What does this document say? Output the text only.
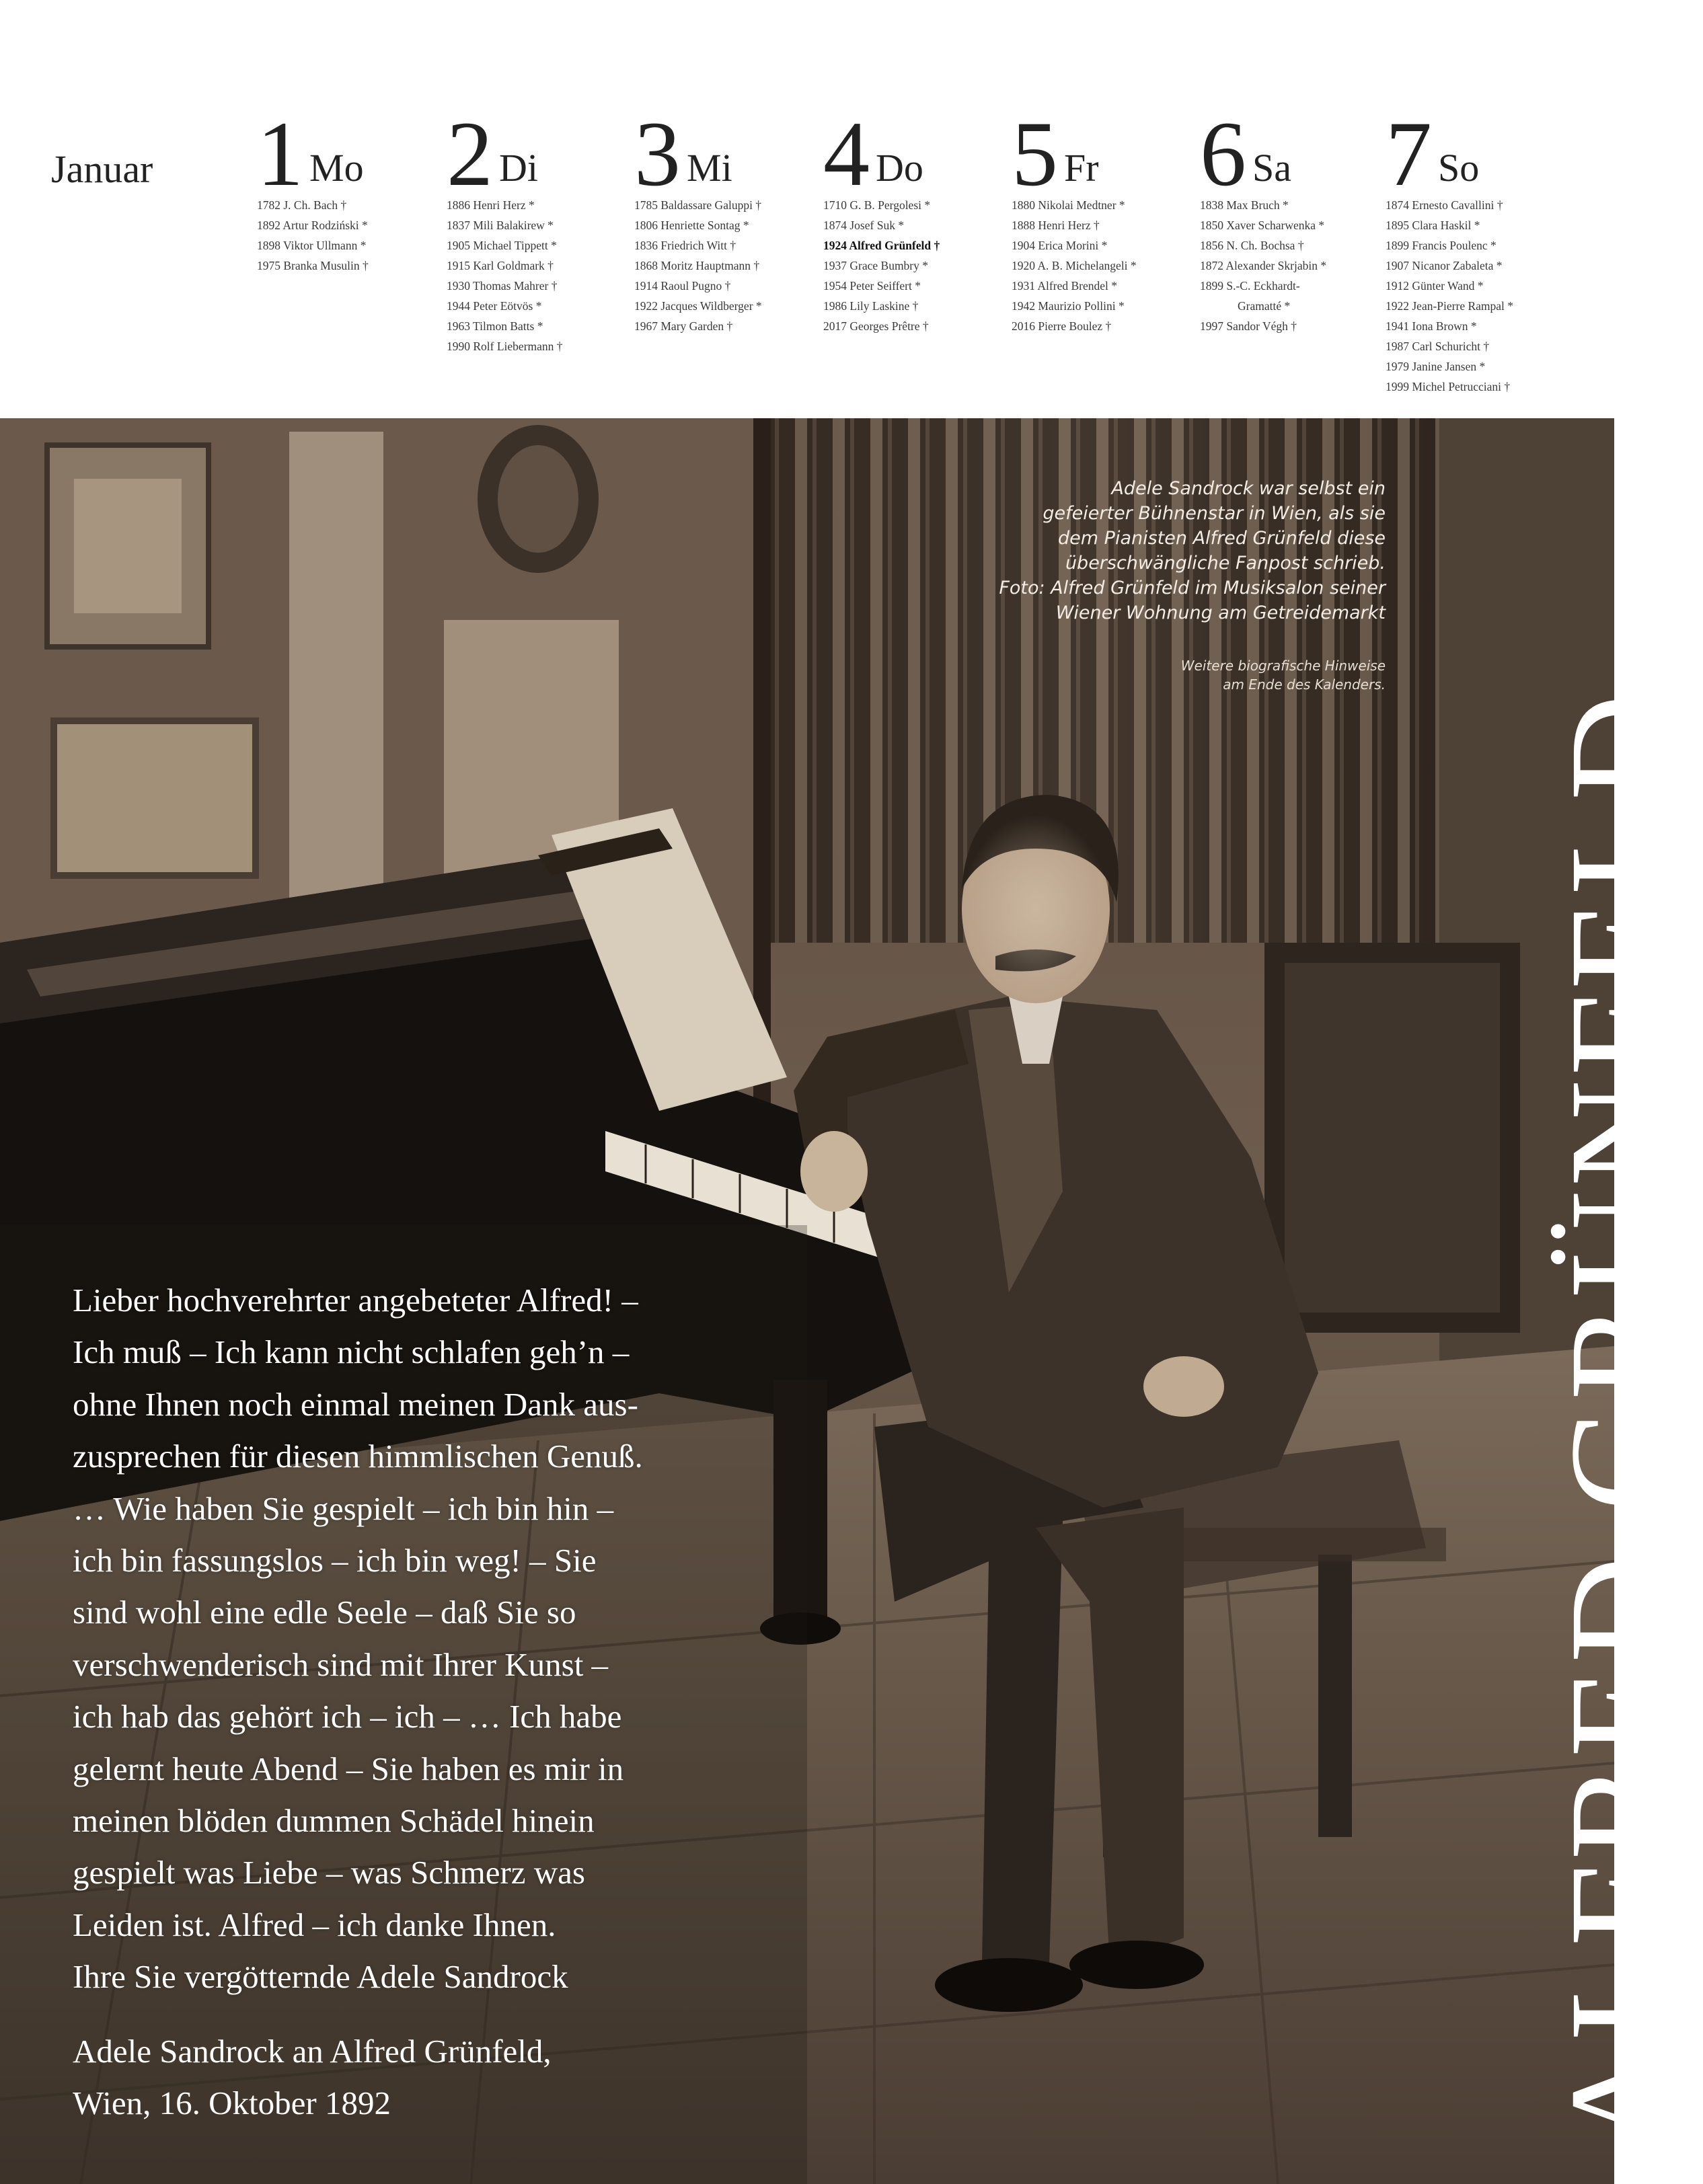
Januar 1 Mo
1782 J. Ch. Bach †
1892 Artur Rodziński *
1898 Viktor Ullmann *
1975 Branka Musulin †
2 Di
1886 Henri Herz *
1837 Mili Balakirew *
1905 Michael Tippett *
1915 Karl Goldmark †
1930 Thomas Mahrer †
1944 Peter Eötvös *
1963 Tilmon Batts *
1990 Rolf Liebermann †
3 Mi
1785 Baldassare Galuppi †
1806 Henriette Sontag *
1836 Friedrich Witt †
1868 Moritz Hauptmann †
1914 Raoul Pugno †
1922 Jacques Wildberger *
1967 Mary Garden †
4 Do
1710 G. B. Pergolesi *
1874 Josef Suk *
1924 Alfred Grünfeld †
1937 Grace Bumbry *
1954 Peter Seiffert *
1986 Lily Laskine †
2017 Georges Prêtre †
5 Fr
1880 Nikolai Medtner *
1888 Henri Herz †
1904 Erica Morini *
1920 A. B. Michelangeli *
1931 Alfred Brendel *
1942 Maurizio Pollini *
2016 Pierre Boulez †
6 Sa
1838 Max Bruch *
1850 Xaver Scharwenka *
1856 N. Ch. Bochsa †
1872 Alexander Skrjabin *
1899 S.-C. Eckhardt-
Gramatté *
1997 Sandor Végh †
7 So
1874 Ernesto Cavallini †
1895 Clara Haskil *
1899 Francis Poulenc *
1907 Nicanor Zabaleta *
1912 Günter Wand *
1922 Jean-Pierre Rampal *
1941 Iona Brown *
1987 Carl Schuricht †
1979 Janine Jansen *
1999 Michel Petrucciani †
Adele Sandrock war selbst ein
gefeierter Bühnenstar in Wien, als sie
dem Pianisten Alfred Grünfeld diese
überschwängliche Fanpost schrieb.
Foto: Alfred Grünfeld im Musiksalon seiner
Wiener Wohnung am Getreidemarkt
Weitere biografische Hinweise
am Ende des Kalenders.
ALFRED GRÜNFELD
Lieber hochverehrter angebeteter Alfred! –
Ich muß – Ich kann nicht schlafen geh’n –
ohne Ihnen noch einmal meinen Dank aus-
zusprechen für diesen himmlischen Genuß.
… Wie haben Sie gespielt – ich bin hin –
ich bin fassungslos – ich bin weg! – Sie
sind wohl eine edle Seele – daß Sie so
verschwenderisch sind mit Ihrer Kunst –
ich hab das gehört ich – ich – … Ich habe
gelernt heute Abend – Sie haben es mir in
meinen blöden dummen Schädel hinein
gespielt was Liebe – was Schmerz was
Leiden ist. Alfred – ich danke Ihnen.
Ihre Sie vergötternde Adele Sandrock
Adele Sandrock an Alfred Grünfeld,
Wien, 16. Oktober 1892
